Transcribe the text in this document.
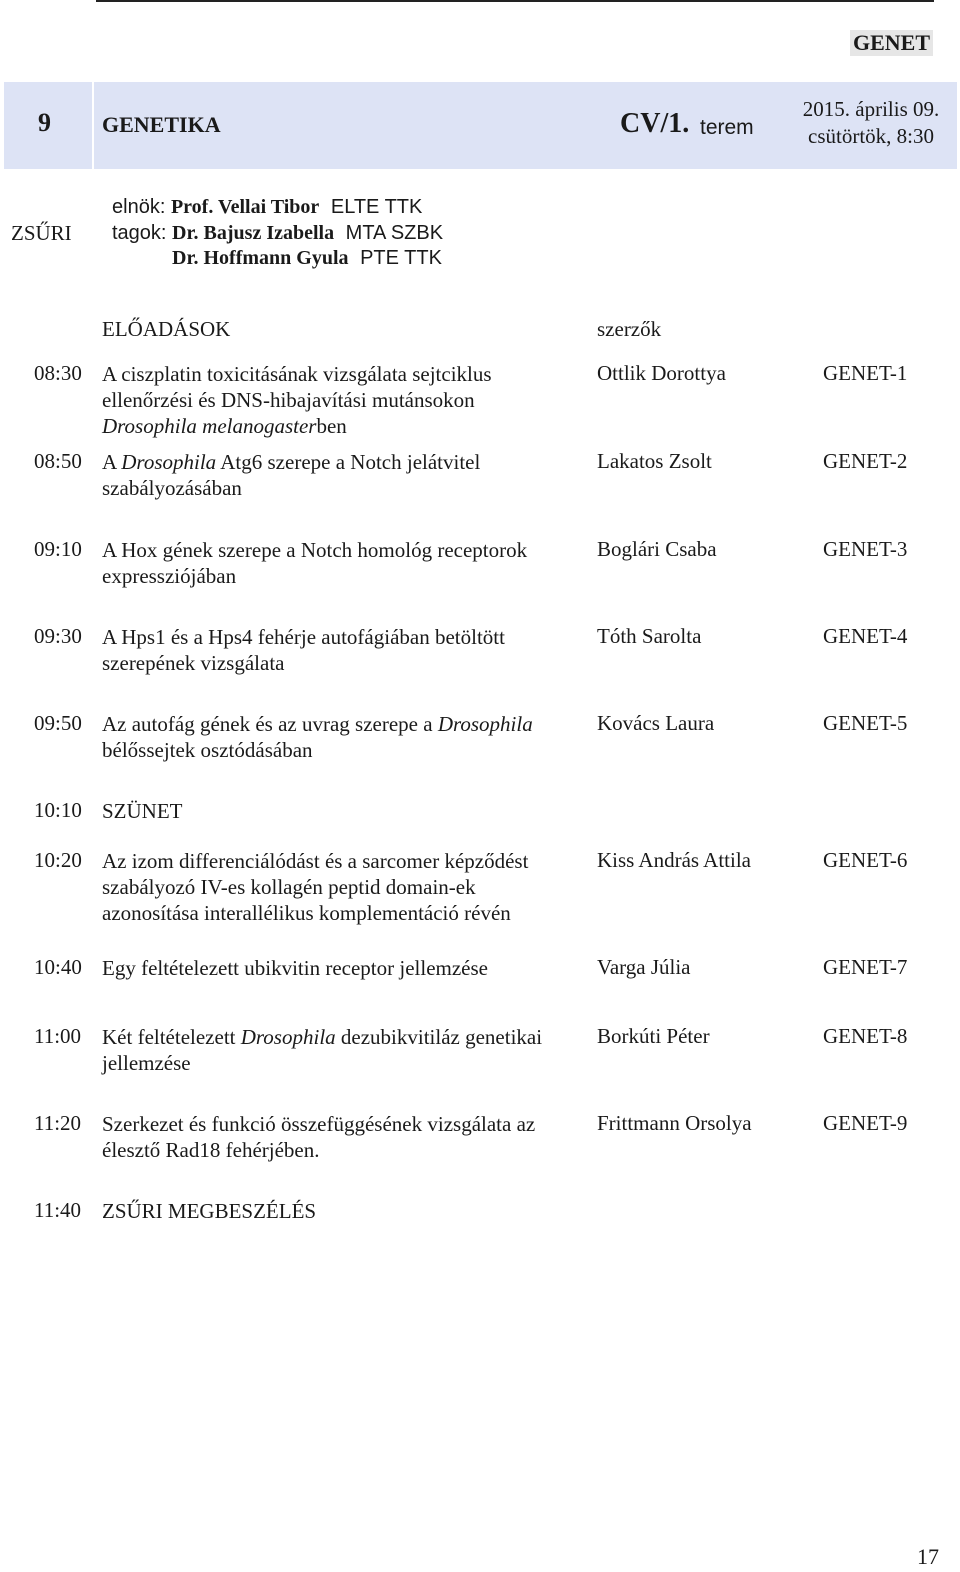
GENET
9 GENETIKA	CV/1. terem
2015. április 09.
csütörtök, 8:30
ZSŰRI
elnök: Prof. Vellai Tibor ELTE TTK
tagok: Dr. Bajusz Izabella MTA SZBK
Dr. Hoffmann Gyula PTE TTK
ELŐADÁSOK	szerzők
08:30 A ciszplatin toxicitásának vizsgálata sejtciklus
ellenőrzési és DNS-hibajavítási mutánsokon
Drosophila melanogasterben
Ottlik Dorottya	GENET-1
08:50 A Drosophila Atg6 szerepe a Notch jelátvitel
szabályozásában
Lakatos Zsolt	GENET-2
09:10 A Hox gének szerepe a Notch homológ receptorok
expressziójában
Boglári Csaba	GENET-3
09:30 A Hps1 és a Hps4 fehérje autofágiában betöltött
szerepének vizsgálata
Tóth Sarolta	GENET-4
09:50 Az autofág gének és az uvrag szerepe a Drosophila
bélőssejtek osztódásában
Kovács Laura	GENET-5
10:10 SZÜNET
10:20 Az izom differenciálódást és a sarcomer képződést
szabályozó IV-es kollagén peptid domain-ek
azonosítása interallélikus komplementáció révén
Kiss András Attila	GENET-6
10:40 Egy feltételezett ubikvitin receptor jellemzése	Varga Júlia	GENET-7
11:00 Két feltételezett Drosophila dezubikvitiláz genetikai
jellemzése
Borkúti Péter	GENET-8
11:20 Szerkezet és funkció összefüggésének vizsgálata az
élesztő Rad18 fehérjében.
Frittmann Orsolya	GENET-9
11:40 ZSŰRI MEGBESZÉLÉS
17
